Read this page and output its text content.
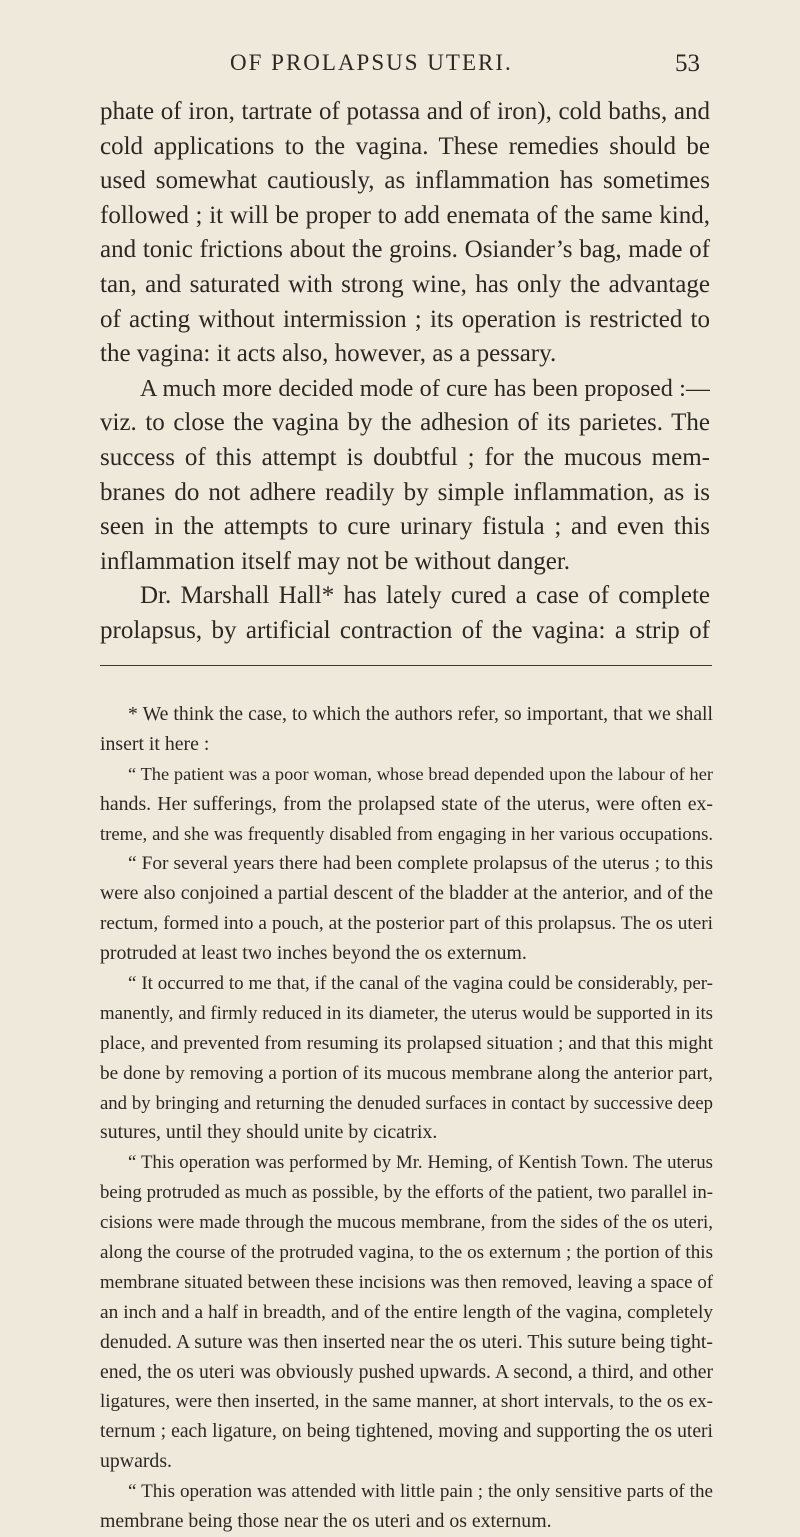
OF PROLAPSUS UTERI.	53
phate of iron, tartrate of potassa and of iron), cold baths, and
cold applications to the vagina. These remedies should be
used somewhat cautiously, as inflammation has sometimes
followed ; it will be proper to add enemata of the same kind,
and tonic frictions about the groins. Osiander’s bag, made of
tan, and saturated with strong wine, has only the advantage
of acting without intermission ; its operation is restricted to
the vagina: it acts also, however, as a pessary.
A much more decided mode of cure has been proposed :—
viz. to close the vagina by the adhesion of its parietes. The
success of this attempt is doubtful ; for the mucous mem-
branes do not adhere readily by simple inflammation, as is
seen in the attempts to cure urinary fistula ; and even this
inflammation itself may not be without danger.
Dr. Marshall Hall* has lately cured a case of complete
prolapsus, by artificial contraction of the vagina: a strip of
* We think the case, to which the authors refer, so important, that we shall
insert it here :
“ The patient was a poor woman, whose bread depended upon the labour of her
hands. Her sufferings, from the prolapsed state of the uterus, were often ex-
treme, and she was frequently disabled from engaging in her various occupations.
“ For several years there had been complete prolapsus of the uterus ; to this
were also conjoined a partial descent of the bladder at the anterior, and of the
rectum, formed into a pouch, at the posterior part of this prolapsus. The os uteri
protruded at least two inches beyond the os externum.
“ It occurred to me that, if the canal of the vagina could be considerably, per-
manently, and firmly reduced in its diameter, the uterus would be supported in its
place, and prevented from resuming its prolapsed situation ; and that this might
be done by removing a portion of its mucous membrane along the anterior part,
and by bringing and returning the denuded surfaces in contact by successive deep
sutures, until they should unite by cicatrix.
“ This operation was performed by Mr. Heming, of Kentish Town. The uterus
being protruded as much as possible, by the efforts of the patient, two parallel in-
cisions were made through the mucous membrane, from the sides of the os uteri,
along the course of the protruded vagina, to the os externum ; the portion of this
membrane situated between these incisions was then removed, leaving a space of
an inch and a half in breadth, and of the entire length of the vagina, completely
denuded. A suture was then inserted near the os uteri. This suture being tight-
ened, the os uteri was obviously pushed upwards. A second, a third, and other
ligatures, were then inserted, in the same manner, at short intervals, to the os ex-
ternum ; each ligature, on being tightened, moving and supporting the os uteri
upwards.
“ This operation was attended with little pain ; the only sensitive parts of the
membrane being those near the os uteri and os externum.
